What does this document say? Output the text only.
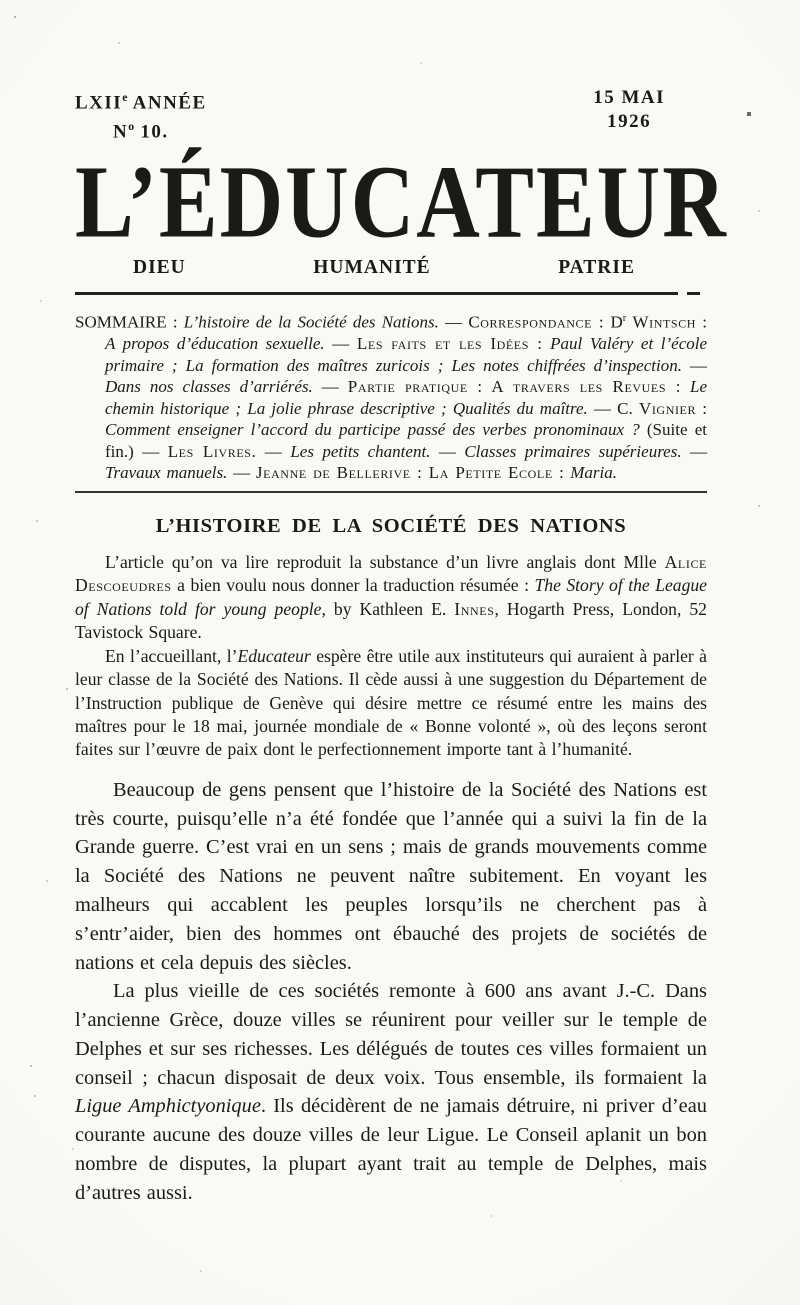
LXIIe ANNÉE
$N^o$ 10.
15 MAI
1926
L’ÉDUCATEUR
DIEU	HUMANITÉ	PATRIE

SOMMAIRE : L’histoire de la Société des Nations. — Correspondance : $D^r$ Wintsch : A propos d’éducation sexuelle. — Les faits et les Idées : Paul Valéry et l’école primaire ; La formation des maîtres zuricois ; Les notes chiffrées d’inspection. — Dans nos classes d’arriérés. — Partie pratique : A travers les Revues : Le chemin historique ; La jolie phrase descriptive ; Qualités du maître. — C. Vignier : Comment enseigner l’accord du participe passé des verbes pronominaux ? (Suite et fin.) — Les Livres. — Les petits chantent. — Classes primaires supérieures. — Travaux manuels. — Jeanne de Bellerive : La Petite Ecole : Maria.

L’HISTOIRE DE LA SOCIÉTÉ DES NATIONS

L’article qu’on va lire reproduit la substance d’un livre anglais dont Mlle Alice Descoeudres a bien voulu nous donner la traduction résumée : The Story of the League of Nations told for young people, by Kathleen E. Innes, Hogarth Press, London, 52 Tavistock Square.

En l’accueillant, l’Educateur espère être utile aux instituteurs qui auraient à parler à leur classe de la Société des Nations. Il cède aussi à une suggestion du Département de l’Instruction publique de Genève qui désire mettre ce résumé entre les mains des maîtres pour le 18 mai, journée mondiale de « Bonne volonté », où des leçons seront faites sur l’œuvre de paix dont le perfectionnement importe tant à l’humanité.

Beaucoup de gens pensent que l’histoire de la Société des Nations est très courte, puisqu’elle n’a été fondée que l’année qui a suivi la fin de la Grande guerre. C’est vrai en un sens ; mais de grands mouvements comme la Société des Nations ne peuvent naître subitement. En voyant les malheurs qui accablent les peuples lorsqu’ils ne cherchent pas à s’entr’aider, bien des hommes ont ébauché des projets de sociétés de nations et cela depuis des siècles.

La plus vieille de ces sociétés remonte à 600 ans avant J.-C. Dans l’ancienne Grèce, douze villes se réunirent pour veiller sur le temple de Delphes et sur ses richesses. Les délégués de toutes ces villes formaient un conseil ; chacun disposait de deux voix. Tous ensemble, ils formaient la Ligue Amphictyonique. Ils décidèrent de ne jamais détruire, ni priver d’eau courante aucune des douze villes de leur Ligue. Le Conseil aplanit un bon nombre de disputes, la plupart ayant trait au temple de Delphes, mais d’autres aussi.
